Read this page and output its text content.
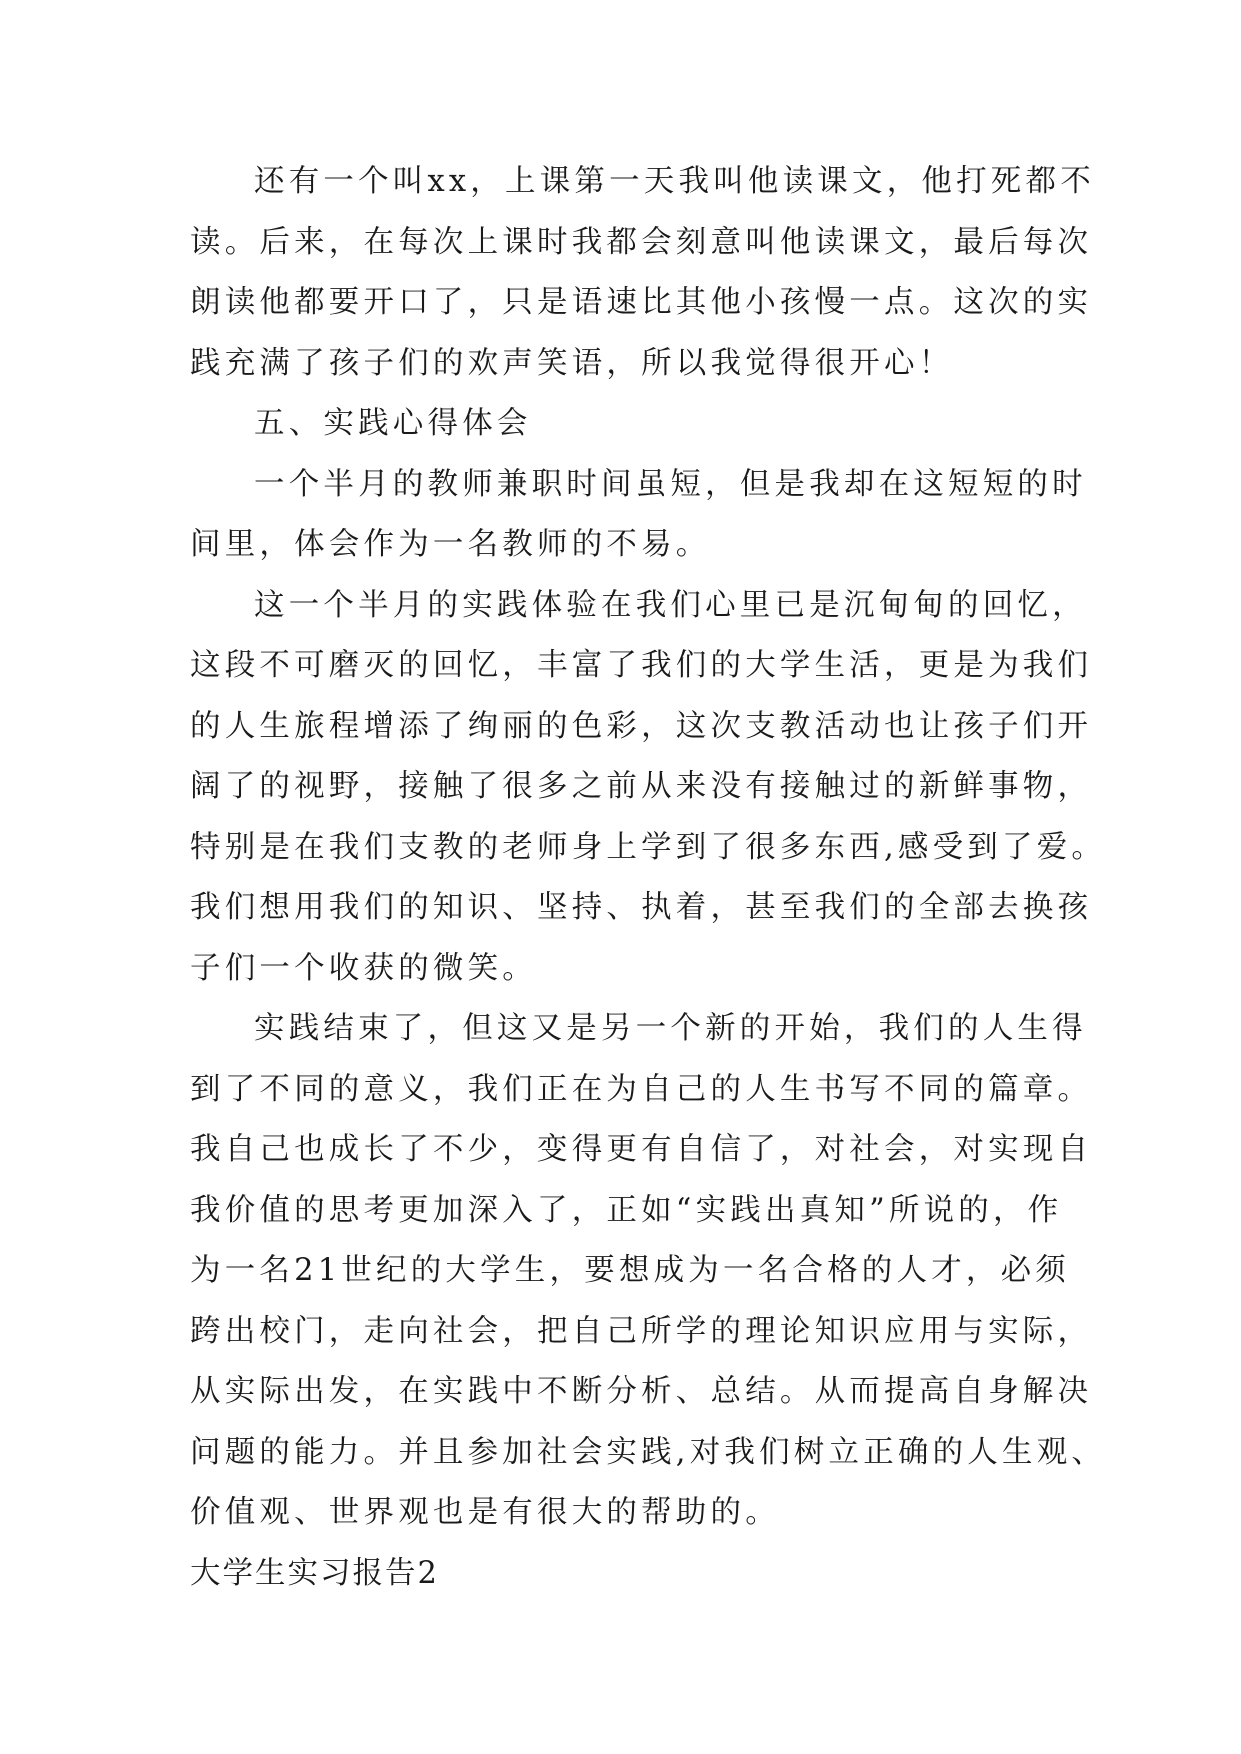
还有一个叫xx，上课第一天我叫他读课文，他打死都不
读。后来，在每次上课时我都会刻意叫他读课文，最后每次
朗读他都要开口了，只是语速比其他小孩慢一点。这次的实
践充满了孩子们的欢声笑语，所以我觉得很开心！
五、实践心得体会
一个半月的教师兼职时间虽短，但是我却在这短短的时
间里，体会作为一名教师的不易。
这一个半月的实践体验在我们心里已是沉甸甸的回忆，
这段不可磨灭的回忆，丰富了我们的大学生活，更是为我们
的人生旅程增添了绚丽的色彩，这次支教活动也让孩子们开
阔了的视野，接触了很多之前从来没有接触过的新鲜事物，
特别是在我们支教的老师身上学到了很多东西,感受到了爱。
我们想用我们的知识、坚持、执着，甚至我们的全部去换孩
子们一个收获的微笑。
实践结束了，但这又是另一个新的开始，我们的人生得
到了不同的意义，我们正在为自己的人生书写不同的篇章。
我自己也成长了不少，变得更有自信了，对社会，对实现自
我价值的思考更加深入了，正如“实践出真知”所说的，作
为一名21世纪的大学生，要想成为一名合格的人才，必须
跨出校门，走向社会，把自己所学的理论知识应用与实际，
从实际出发，在实践中不断分析、总结。从而提高自身解决
问题的能力。并且参加社会实践,对我们树立正确的人生观、
价值观、世界观也是有很大的帮助的。
大学生实习报告2
